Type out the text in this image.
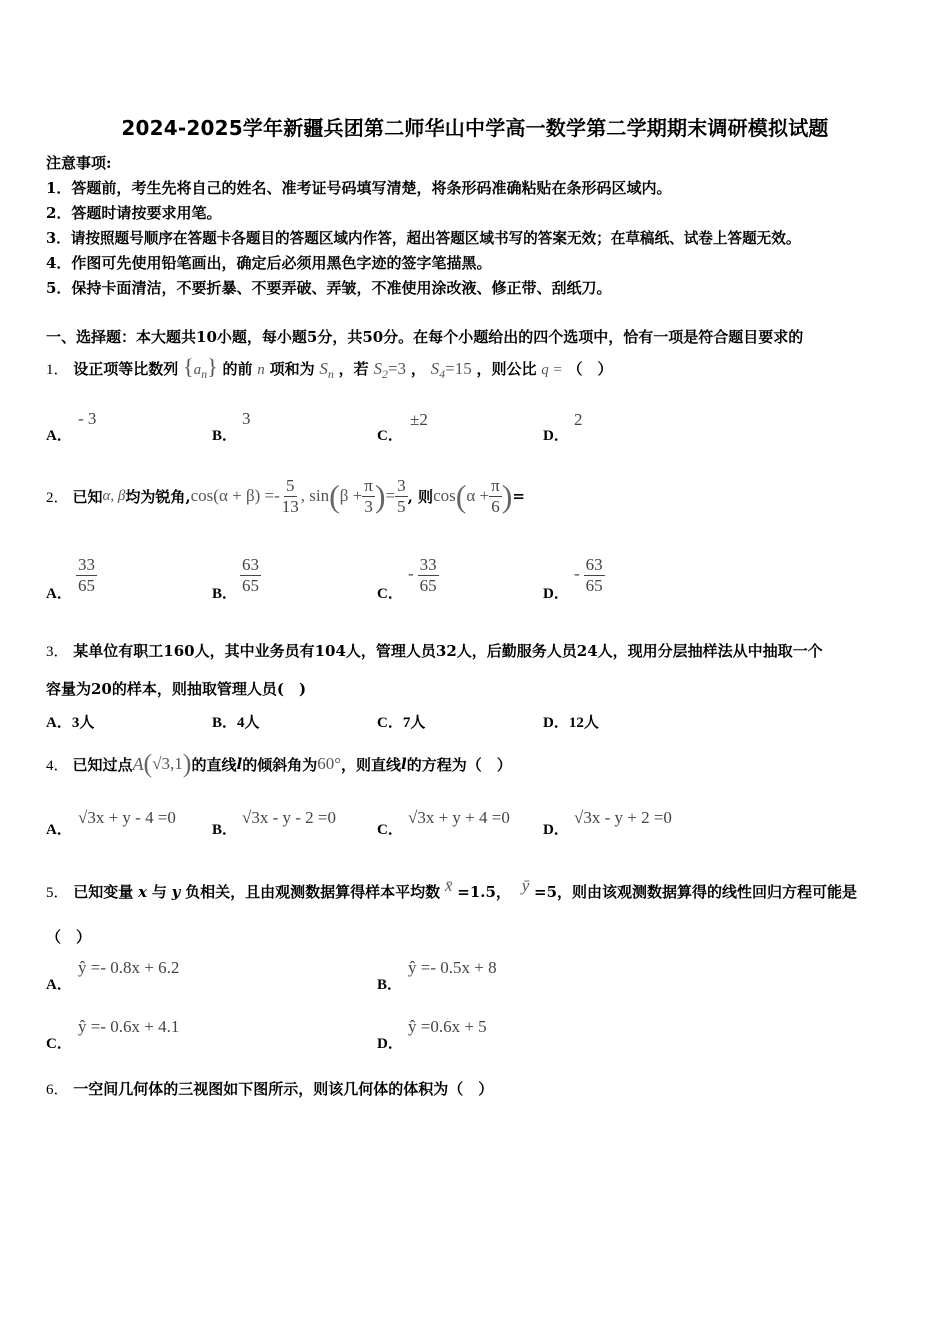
2024-2025学年新疆兵团第二师华山中学高一数学第二学期期末调研模拟试题
注意事项:
1．答题前，考生先将自己的姓名、准考证号码填写清楚，将条形码准确粘贴在条形码区域内。
2．答题时请按要求用笔。
3．请按照题号顺序在答题卡各题目的答题区域内作答，超出答题区域书写的答案无效；在草稿纸、试卷上答题无效。
4．作图可先使用铅笔画出，确定后必须用黑色字迹的签字笔描黑。
5．保持卡面清洁，不要折暴、不要弄破、弄皱，不准使用涂改液、修正带、刮纸刀。
一、选择题：本大题共10小题，每小题5分，共50分。在每个小题给出的四个选项中，恰有一项是符合题目要求的
1． 设正项等比数列 $\{a_n\}$ 的前 n 项和为 $S_n$ ，若 $S_2=3$ ， $S_4=15$ ，则公比 q = （　）
A．
- 3
B．
3
C．
±2
D．
2
2． 已知 α, β 均为锐角, $\cos(\alpha + \beta) =- \frac{5}{13}$ , sin ( $\beta + \frac{\pi}{3}$ ) = $\frac{3}{5}$ , 则 cos ( $\alpha + \frac{\pi}{6}$ ) =
A． $\frac{33}{65}$	B． $\frac{63}{65}$	C．
- $\frac{33}{65}$	D．
- $\frac{63}{65}$
3． 某单位有职工160人，其中业务员有104人，管理人员32人，后勤服务人员24人，现用分层抽样法从中抽取一个
容量为20的样本，则抽取管理人员(　)
A．3人	B．4人	C．7人	D．12人
4． 已知过点 A ( √3,1 ) 的直线 l 的倾斜角为 60° ，则直线 l 的方程为（　）
A．
√3x + y - 4 =0
B．
√3x - y - 2 =0
C．
√3x + y + 4 =0
D．
√3x - y + 2 =0
5． 已知变量 x 与 y 负相关，且由观测数据算得样本平均数 x̄ =1.5， ȳ =5，则由该观测数据算得的线性回归方程可能是
（　）
A．
ŷ =- 0.8x + 6.2
B．
ŷ =- 0.5x + 8
C．
ŷ =- 0.6x + 4.1
D．
ŷ =0.6x + 5
6． 一空间几何体的三视图如下图所示，则该几何体的体积为（　）
